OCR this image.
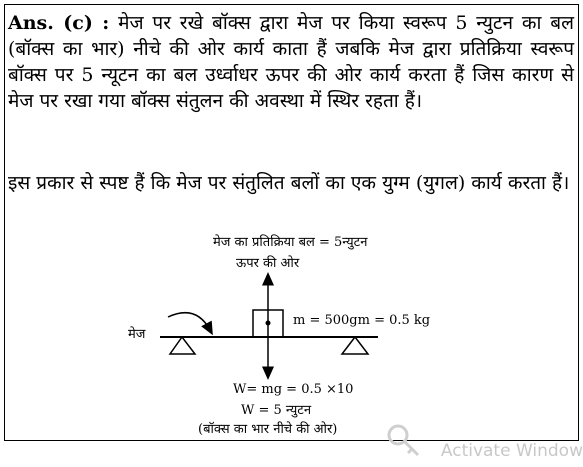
Ans. (c) : मेज पर रखे बॉक्स द्वारा मेज पर किया स्वरूप 5 न्युटन का बल (बॉक्स का भार) नीचे की ओर कार्य काता हैं जबकि मेज द्वारा प्रतिक्रिया स्वरूप बॉक्स पर 5 न्यूटन का बल उर्ध्वाधर ऊपर की ओर कार्य करता हैं जिस कारण से मेज पर रखा गया बॉक्स संतुलन की अवस्था में स्थिर रहता हैं।

इस प्रकार से स्पष्ट हैं कि मेज पर संतुलित बलों का एक युग्म (युगल) कार्य करता हैं।

मेज का प्रतिक्रिया बल = 5न्युटन
ऊपर की ओर
m = 500gm = 0.5 kg
मेज
W= mg = 0.5 ×10
W = 5 न्युटन
(बॉक्स का भार नीचे की ओर)
Activate Window
